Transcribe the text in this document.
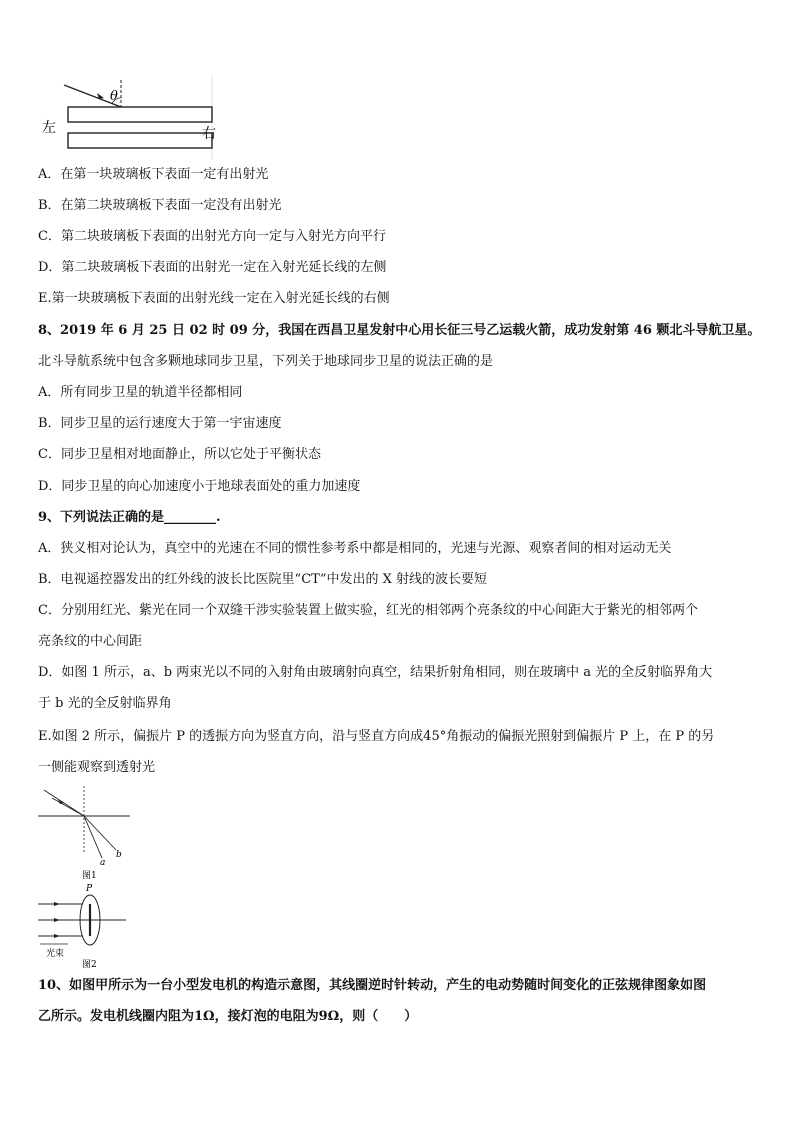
θ
左	右
A．在第一块玻璃板下表面一定有出射光
B．在第二块玻璃板下表面一定没有出射光
C．第二块玻璃板下表面的出射光方向一定与入射光方向平行
D．第二块玻璃板下表面的出射光一定在入射光延长线的左侧
E.第一块玻璃板下表面的出射光线一定在入射光延长线的右侧
8、2019 年 6 月 25 日 02 时 09 分，我国在西昌卫星发射中心用长征三号乙运载火箭，成功发射第 46 颗北斗导航卫星。
北斗导航系统中包含多颗地球同步卫星，下列关于地球同步卫星的说法正确的是
A．所有同步卫星的轨道半径都相同
B．同步卫星的运行速度大于第一宇宙速度
C．同步卫星相对地面静止，所以它处于平衡状态
D．同步卫星的向心加速度小于地球表面处的重力加速度
9、下列说法正确的是________.
A．狭义相对论认为，真空中的光速在不同的惯性参考系中都是相同的，光速与光源、观察者间的相对运动无关
B．电视遥控器发出的红外线的波长比医院里“CT”中发出的 X 射线的波长要短
C．分别用红光、紫光在同一个双缝干涉实验装置上做实验，红光的相邻两个亮条纹的中心间距大于紫光的相邻两个
亮条纹的中心间距
D．如图 1 所示，a、b 两束光以不同的入射角由玻璃射向真空，结果折射角相同，则在玻璃中 a 光的全反射临界角大
于 b 光的全反射临界角
E.如图 2 所示，偏振片 P 的透振方向为竖直方向，沿与竖直方向成45°角振动的偏振光照射到偏振片 P 上，在 P 的另
一侧能观察到透射光
a
b
图1
P
光束
图2
10、如图甲所示为一台小型发电机的构造示意图，其线圈逆时针转动，产生的电动势随时间变化的正弦规律图象如图
乙所示。发电机线圈内阻为1Ω，接灯泡的电阻为9Ω，则（　　）
